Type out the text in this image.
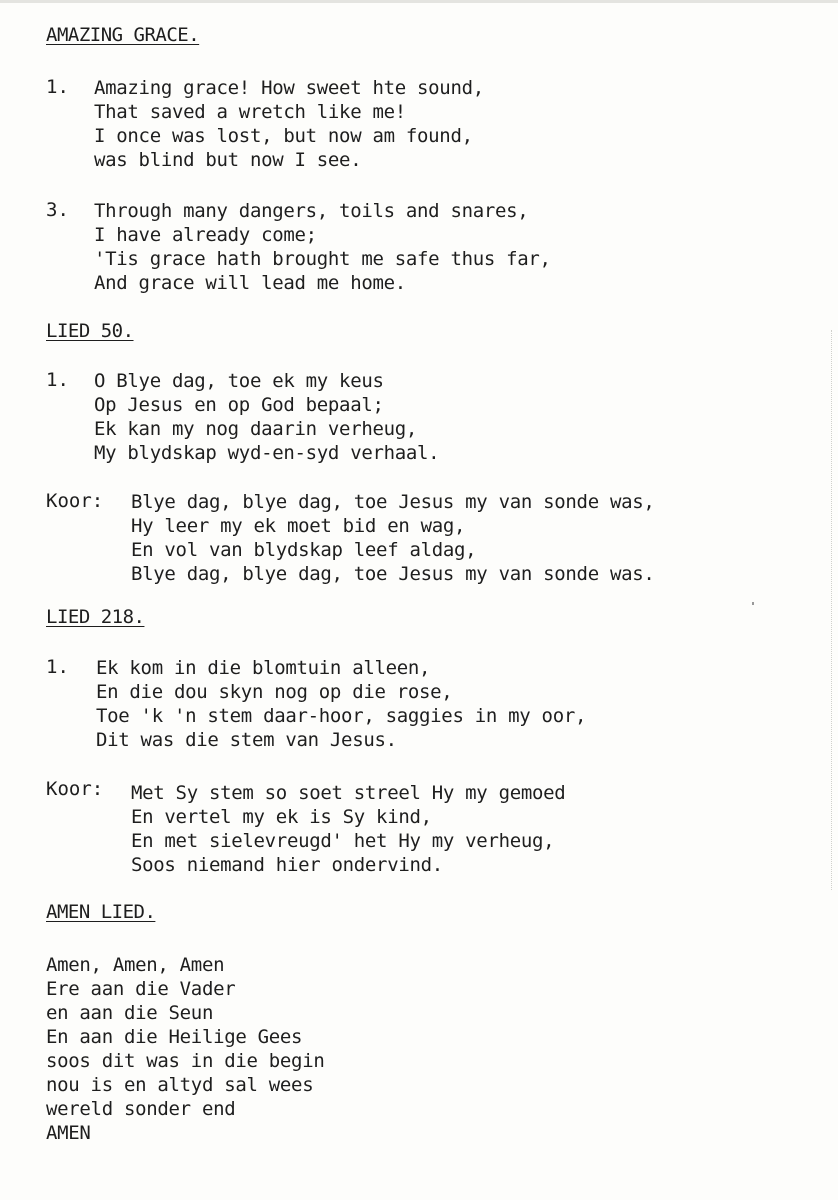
AMAZING GRACE.
1. Amazing grace! How sweet hte sound,
That saved a wretch like me!
I once was lost, but now am found,
was blind but now I see.
3. Through many dangers, toils and snares,
I have already come;
'Tis grace hath brought me safe thus far,
And grace will lead me home.
LIED 50.
1. O Blye dag, toe ek my keus
Op Jesus en op God bepaal;
Ek kan my nog daarin verheug,
My blydskap wyd-en-syd verhaal.
Koor: Blye dag, blye dag, toe Jesus my van sonde was,
Hy leer my ek moet bid en wag,
En vol van blydskap leef aldag,
Blye dag, blye dag, toe Jesus my van sonde was.
LIED 218.
1. Ek kom in die blomtuin alleen,
En die dou skyn nog op die rose,
Toe 'k 'n stem daar-hoor, saggies in my oor,
Dit was die stem van Jesus.
Koor: Met Sy stem so soet streel Hy my gemoed
En vertel my ek is Sy kind,
En met sielevreugd' het Hy my verheug,
Soos niemand hier ondervind.
AMEN LIED.
Amen, Amen, Amen
Ere aan die Vader
en aan die Seun
En aan die Heilige Gees
soos dit was in die begin
nou is en altyd sal wees
wereld sonder end
AMEN
